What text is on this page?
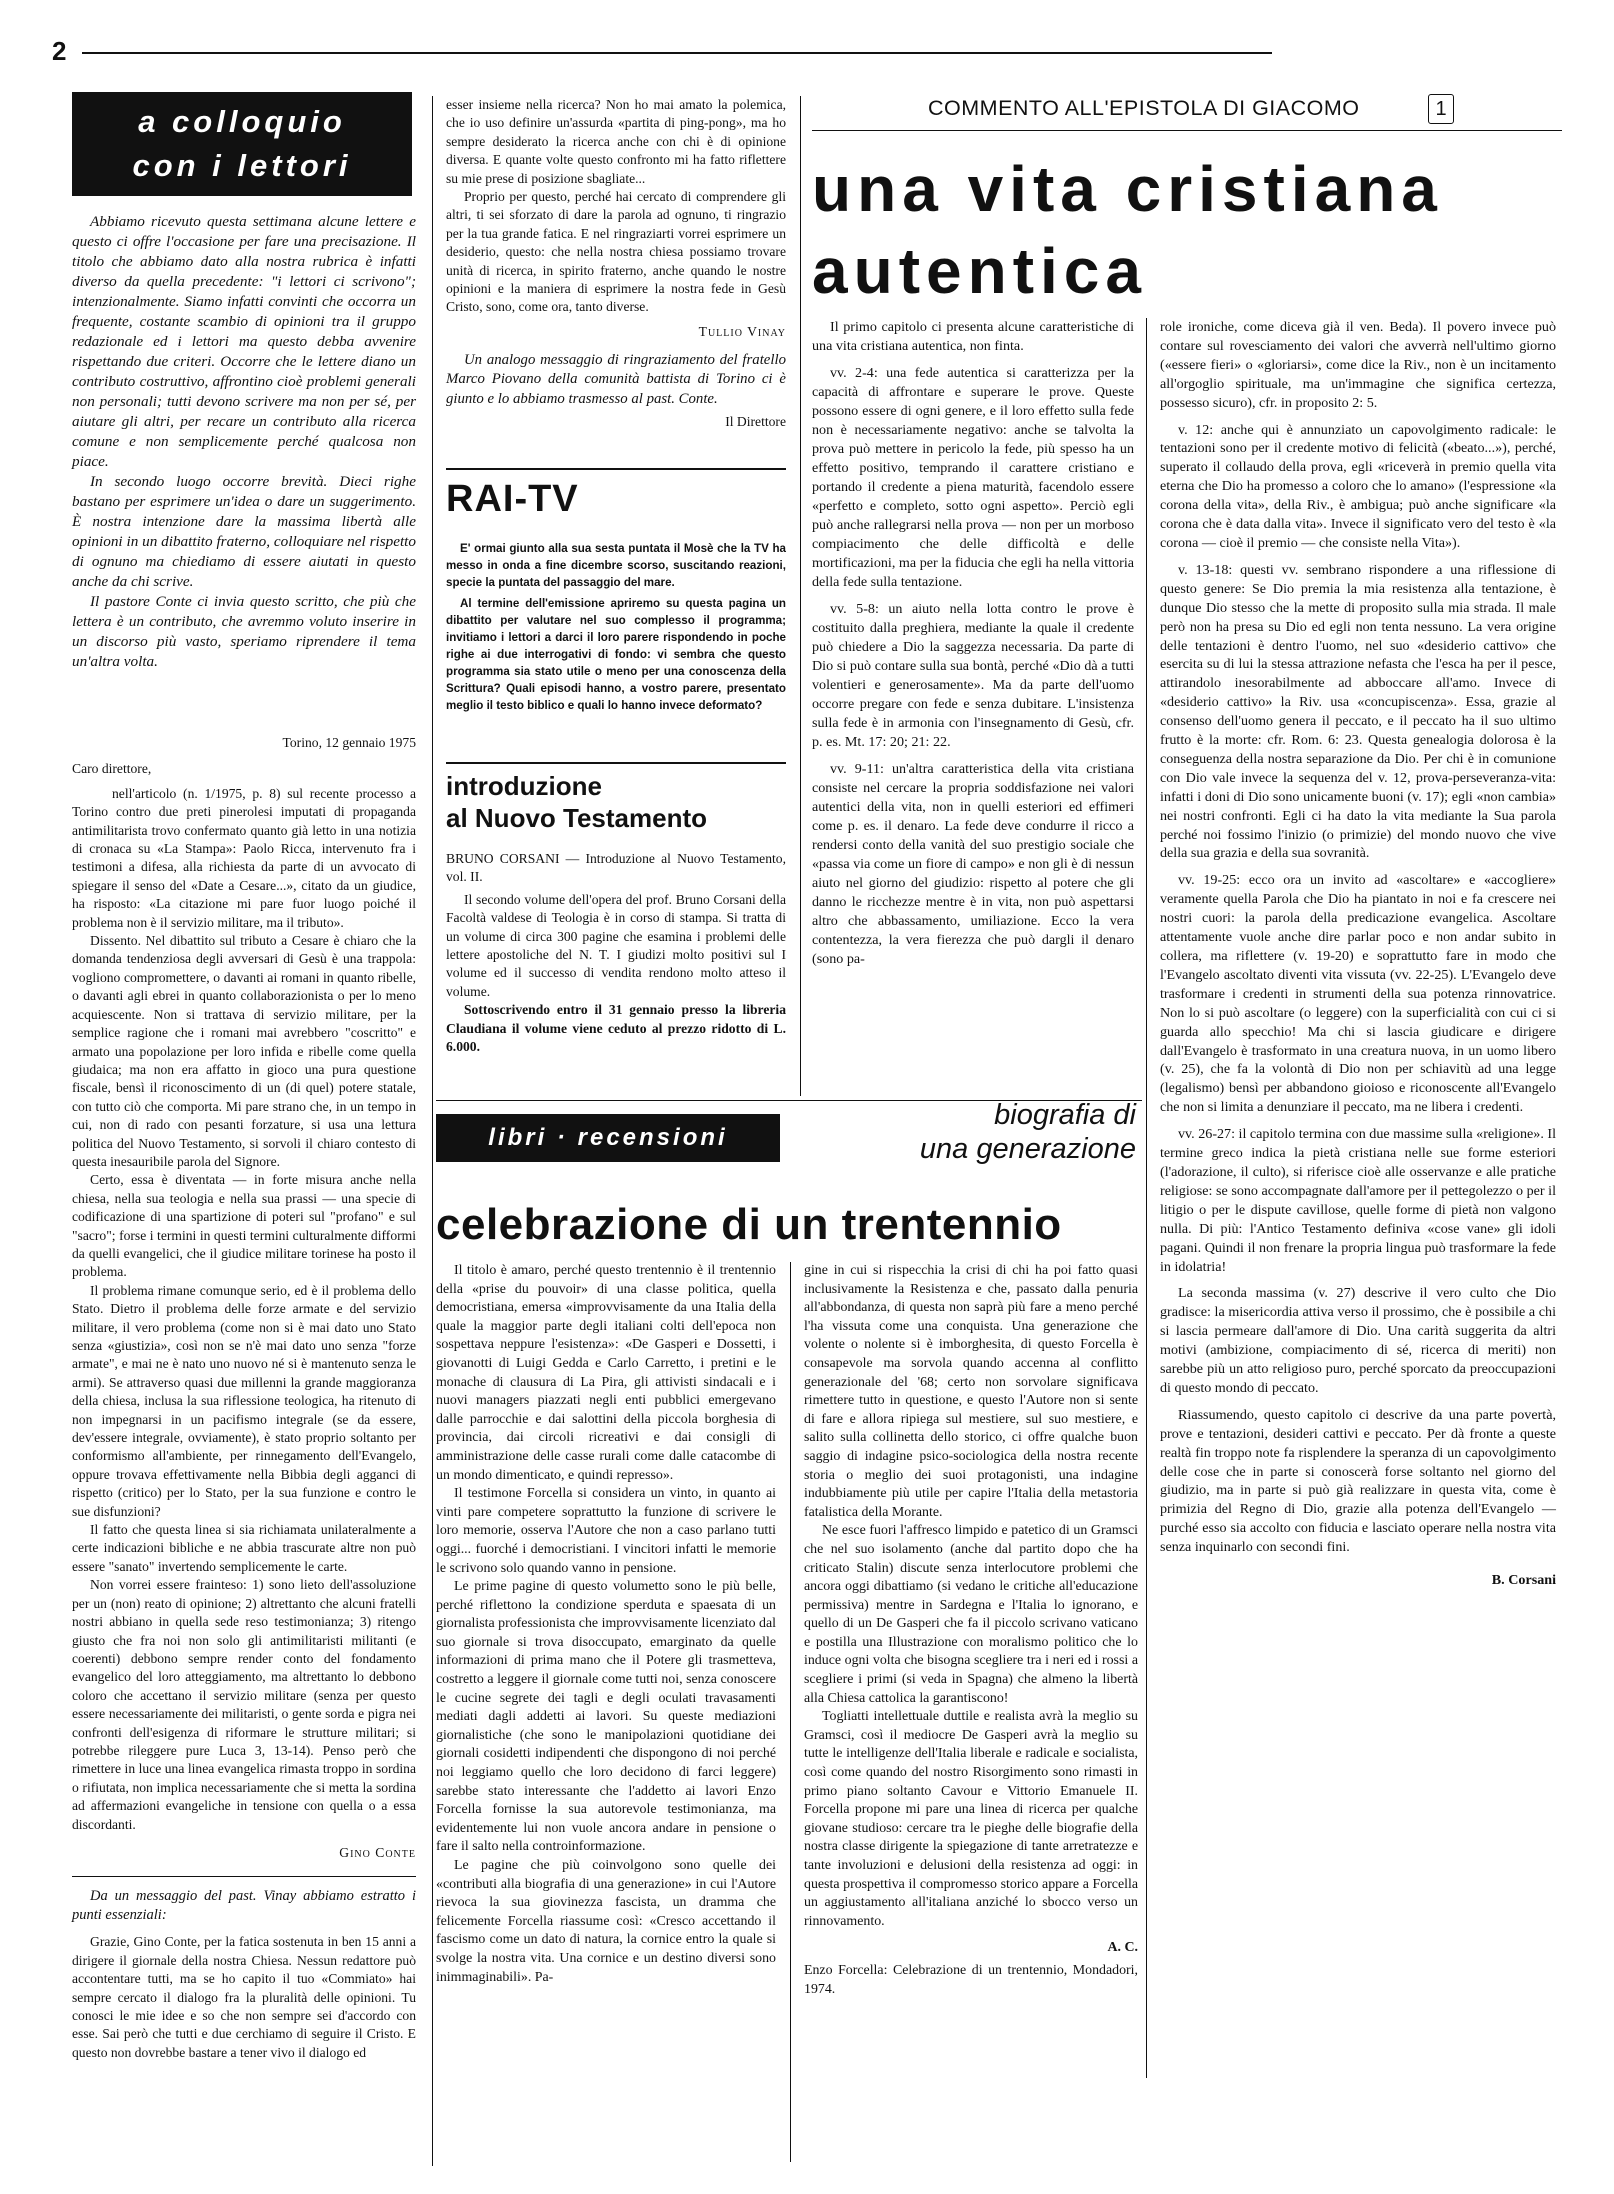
2
a colloquio
con i lettori

Abbiamo ricevuto questa settimana alcune lettere e questo ci offre l'occasione per fare una precisazione. Il titolo che abbiamo dato alla nostra rubrica è infatti diverso da quella precedente: "i lettori ci scrivono"; intenzionalmente. Siamo infatti convinti che occorra un frequente, costante scambio di opinioni tra il gruppo redazionale ed i lettori ma questo debba avvenire rispettando due criteri. Occorre che le lettere diano un contributo costruttivo, affrontino cioè problemi generali non personali; tutti devono scrivere ma non per sé, per aiutare gli altri, per recare un contributo alla ricerca comune e non semplicemente perché qualcosa non piace.

In secondo luogo occorre brevità. Dieci righe bastano per esprimere un'idea o dare un suggerimento. È nostra intenzione dare la massima libertà alle opinioni in un dibattito fraterno, colloquiare nel rispetto di ognuno ma chiediamo di essere aiutati in questo anche da chi scrive.

Il pastore Conte ci invia questo scritto, che più che lettera è un contributo, che avremmo voluto inserire in un discorso più vasto, speriamo riprendere il tema un'altra volta.

Torino, 12 gennaio 1975

Caro direttore,

nell'articolo (n. 1/1975, p. 8) sul recente processo a Torino contro due preti pinerolesi imputati di propaganda antimilitarista trovo confermato quanto già letto in una notizia di cronaca su «La Stampa»: Paolo Ricca, intervenuto fra i testimoni a difesa, alla richiesta da parte di un avvocato di spiegare il senso del «Date a Cesare...», citato da un giudice, ha risposto: «La citazione mi pare fuor luogo poiché il problema non è il servizio militare, ma il tributo».

Dissento. Nel dibattito sul tributo a Cesare è chiaro che la domanda tendenziosa degli avversari di Gesù è una trappola: vogliono compromettere, o davanti ai romani in quanto ribelle, o davanti agli ebrei in quanto collaborazionista o per lo meno acquiescente. Non si trattava di servizio militare, per la semplice ragione che i romani mai avrebbero "coscritto" e armato una popolazione per loro infida e ribelle come quella giudaica; ma non era affatto in gioco una pura questione fiscale, bensì il riconoscimento di un (di quel) potere statale, con tutto ciò che comporta. Mi pare strano che, in un tempo in cui, non di rado con pesanti forzature, si usa una lettura politica del Nuovo Testamento, si sorvoli il chiaro contesto di questa inesauribile parola del Signore.

Certo, essa è diventata — in forte misura anche nella chiesa, nella sua teologia e nella sua prassi — una specie di codificazione di una spartizione di poteri sul "profano" e sul "sacro"; forse i termini in questi termini culturalmente difformi da quelli evangelici, che il giudice militare torinese ha posto il problema.

Il problema rimane comunque serio, ed è il problema dello Stato. Dietro il problema delle forze armate e del servizio militare, il vero problema (come non si è mai dato uno Stato senza «giustizia», così non se n'è mai dato uno senza "forze armate", e mai ne è nato uno nuovo né si è mantenuto senza le armi). Se attraverso quasi due millenni la grande maggioranza della chiesa, inclusa la sua riflessione teologica, ha ritenuto di non impegnarsi in un pacifismo integrale (se da essere, dev'essere integrale, ovviamente), è stato proprio soltanto per conformismo all'ambiente, per rinnegamento dell'Evangelo, oppure trovava effettivamente nella Bibbia degli agganci di rispetto (critico) per lo Stato, per la sua funzione e contro le sue disfunzioni?

Il fatto che questa linea si sia richiamata unilateralmente a certe indicazioni bibliche e ne abbia trascurate altre non può essere "sanato" invertendo semplicemente le carte.

Non vorrei essere frainteso: 1) sono lieto dell'assoluzione per un (non) reato di opinione; 2) altrettanto che alcuni fratelli nostri abbiano in quella sede reso testimonianza; 3) ritengo giusto che fra noi non solo gli antimilitaristi militanti (e coerenti) debbono sempre render conto del fondamento evangelico del loro atteggiamento, ma altrettanto lo debbono coloro che accettano il servizio militare (senza per questo essere necessariamente dei militaristi, o gente sorda e pigra nei confronti dell'esigenza di riformare le strutture militari; si potrebbe rileggere pure Luca 3, 13-14). Penso però che rimettere in luce una linea evangelica rimasta troppo in sordina o rifiutata, non implica necessariamente che si metta la sordina ad affermazioni evangeliche in tensione con quella o a essa discordanti.

Gino Conte

Da un messaggio del past. Vinay abbiamo estratto i punti essenziali:

Grazie, Gino Conte, per la fatica sostenuta in ben 15 anni a dirigere il giornale della nostra Chiesa. Nessun redattore può accontentare tutti, ma se ho capito il tuo «Commiato» hai sempre cercato il dialogo fra la pluralità delle opinioni. Tu conosci le mie idee e so che non sempre sei d'accordo con esse. Sai però che tutti e due cerchiamo di seguire il Cristo. E questo non dovrebbe bastare a tener vivo il dialogo ed

esser insieme nella ricerca? Non ho mai amato la polemica, che io uso definire un'assurda «partita di ping-pong», ma ho sempre desiderato la ricerca anche con chi è di opinione diversa. E quante volte questo confronto mi ha fatto riflettere su mie prese di posizione sbagliate...

Proprio per questo, perché hai cercato di comprendere gli altri, ti sei sforzato di dare la parola ad ognuno, ti ringrazio per la tua grande fatica. E nel ringraziarti vorrei esprimere un desiderio, questo: che nella nostra chiesa possiamo trovare unità di ricerca, in spirito fraterno, anche quando le nostre opinioni e la maniera di esprimere la nostra fede in Gesù Cristo, sono, come ora, tanto diverse.

Tullio Vinay

Un analogo messaggio di ringraziamento del fratello Marco Piovano della comunità battista di Torino ci è giunto e lo abbiamo trasmesso al past. Conte.

Il Direttore
RAI-TV

E' ormai giunto alla sua sesta puntata il Mosè che la TV ha messo in onda a fine dicembre scorso, suscitando reazioni, specie la puntata del passaggio del mare.

Al termine dell'emissione apriremo su questa pagina un dibattito per valutare nel suo complesso il programma; invitiamo i lettori a darci il loro parere rispondendo in poche righe ai due interrogativi di fondo: vi sembra che questo programma sia stato utile o meno per una conoscenza della Scrittura? Quali episodi hanno, a vostro parere, presentato meglio il testo biblico e quali lo hanno invece deformato?

introduzione
al Nuovo Testamento

BRUNO CORSANI — Introduzione al Nuovo Testamento, vol. II.

Il secondo volume dell'opera del prof. Bruno Corsani della Facoltà valdese di Teologia è in corso di stampa. Si tratta di un volume di circa 300 pagine che esamina i problemi delle lettere apostoliche del N. T. I giudizi molto positivi sul I volume ed il successo di vendita rendono molto atteso il volume.

Sottoscrivendo entro il 31 gennaio presso la libreria Claudiana il volume viene ceduto al prezzo ridotto di L. 6.000.

COMMENTO ALL'EPISTOLA DI GIACOMO	1
una vita cristiana
autentica

Il primo capitolo ci presenta alcune caratteristiche di una vita cristiana autentica, non finta.

vv. 2-4: una fede autentica si caratterizza per la capacità di affrontare e superare le prove. Queste possono essere di ogni genere, e il loro effetto sulla fede non è necessariamente negativo: anche se talvolta la prova può mettere in pericolo la fede, più spesso ha un effetto positivo, temprando il carattere cristiano e portando il credente a piena maturità, facendolo essere «perfetto e completo, sotto ogni aspetto». Perciò egli può anche rallegrarsi nella prova — non per un morboso compiacimento che delle difficoltà e delle mortificazioni, ma per la fiducia che egli ha nella vittoria della fede sulla tentazione.

vv. 5-8: un aiuto nella lotta contro le prove è costituito dalla preghiera, mediante la quale il credente può chiedere a Dio la saggezza necessaria. Da parte di Dio si può contare sulla sua bontà, perché «Dio dà a tutti volentieri e generosamente». Ma da parte dell'uomo occorre pregare con fede e senza dubitare. L'insistenza sulla fede è in armonia con l'insegnamento di Gesù, cfr. p. es. Mt. 17: 20; 21: 22.

vv. 9-11: un'altra caratteristica della vita cristiana consiste nel cercare la propria soddisfazione nei valori autentici della vita, non in quelli esteriori ed effimeri come p. es. il denaro. La fede deve condurre il ricco a rendersi conto della vanità del suo prestigio sociale che «passa via come un fiore di campo» e non gli è di nessun aiuto nel giorno del giudizio: rispetto al potere che gli danno le ricchezze mentre è in vita, non può aspettarsi altro che abbassamento, umiliazione. Ecco la vera contentezza, la vera fierezza che può dargli il denaro (sono pa-

role ironiche, come diceva già il ven. Beda). Il povero invece può contare sul rovesciamento dei valori che avverrà nell'ultimo giorno («essere fieri» o «gloriarsi», come dice la Riv., non è un incitamento all'orgoglio spirituale, ma un'immagine che significa certezza, possesso sicuro), cfr. in proposito 2: 5.

v. 12: anche qui è annunziato un capovolgimento radicale: le tentazioni sono per il credente motivo di felicità («beato...»), perché, superato il collaudo della prova, egli «riceverà in premio quella vita eterna che Dio ha promesso a coloro che lo amano» (l'espressione «la corona della vita», della Riv., è ambigua; può anche significare «la corona che è data dalla vita». Invece il significato vero del testo è «la corona — cioè il premio — che consiste nella Vita»).

v. 13-18: questi vv. sembrano rispondere a una riflessione di questo genere: Se Dio premia la mia resistenza alla tentazione, è dunque Dio stesso che la mette di proposito sulla mia strada. Il male però non ha presa su Dio ed egli non tenta nessuno. La vera origine delle tentazioni è dentro l'uomo, nel suo «desiderio cattivo» che esercita su di lui la stessa attrazione nefasta che l'esca ha per il pesce, attirandolo inesorabilmente ad abboccare all'amo. Invece di «desiderio cattivo» la Riv. usa «concupiscenza». Essa, grazie al consenso dell'uomo genera il peccato, e il peccato ha il suo ultimo frutto è la morte: cfr. Rom. 6: 23. Questa genealogia dolorosa è la conseguenza della nostra separazione da Dio. Per chi è in comunione con Dio vale invece la sequenza del v. 12, prova-perseveranza-vita: infatti i doni di Dio sono unicamente buoni (v. 17); egli «non cambia» nei nostri confronti. Egli ci ha dato la vita mediante la Sua parola perché noi fossimo l'inizio (o primizie) del mondo nuovo che vive della sua grazia e della sua sovranità.

vv. 19-25: ecco ora un invito ad «ascoltare» e «accogliere» veramente quella Parola che Dio ha piantato in noi e fa crescere nei nostri cuori: la parola della predicazione evangelica. Ascoltare attentamente vuole anche dire parlar poco e non andar subito in collera, ma riflettere (v. 19-20) e soprattutto fare in modo che l'Evangelo ascoltato diventi vita vissuta (vv. 22-25). L'Evangelo deve trasformare i credenti in strumenti della sua potenza rinnovatrice. Non lo si può ascoltare (o leggere) con la superficialità con cui ci si guarda allo specchio! Ma chi si lascia giudicare e dirigere dall'Evangelo è trasformato in una creatura nuova, in un uomo libero (v. 25), che fa la volontà di Dio non per schiavitù ad una legge (legalismo) bensì per abbandono gioioso e riconoscente all'Evangelo che non si limita a denunziare il peccato, ma ne libera i credenti.

vv. 26-27: il capitolo termina con due massime sulla «religione». Il termine greco indica la pietà cristiana nelle sue forme esteriori (l'adorazione, il culto), si riferisce cioè alle osservanze e alle pratiche religiose: se sono accompagnate dall'amore per il pettegolezzo o per il litigio o per le dispute cavillose, quelle forme di pietà non valgono nulla. Di più: l'Antico Testamento definiva «cose vane» gli idoli pagani. Quindi il non frenare la propria lingua può trasformare la fede in idolatria!

La seconda massima (v. 27) descrive il vero culto che Dio gradisce: la misericordia attiva verso il prossimo, che è possibile a chi si lascia permeare dall'amore di Dio. Una carità suggerita da altri motivi (ambizione, compiacimento di sé, ricerca di meriti) non sarebbe più un atto religioso puro, perché sporcato da preoccupazioni di questo mondo di peccato.

Riassumendo, questo capitolo ci descrive da una parte povertà, prove e tentazioni, desideri cattivi e peccato. Per dà fronte a queste realtà fin troppo note fa risplendere la speranza di un capovolgimento delle cose che in parte si conoscerà forse soltanto nel giorno del giudizio, ma in parte si può già realizzare in questa vita, come è primizia del Regno di Dio, grazie alla potenza dell'Evangelo — purché esso sia accolto con fiducia e lasciato operare nella nostra vita senza inquinarlo con secondi fini.

B. Corsani
libri · recensioni
biografia di
una generazione
celebrazione di un trentennio

Il titolo è amaro, perché questo trentennio è il trentennio della «prise du pouvoir» di una classe politica, quella democristiana, emersa «improvvisamente da una Italia della quale la maggior parte degli italiani colti dell'epoca non sospettava neppure l'esistenza»: «De Gasperi e Dossetti, i giovanotti di Luigi Gedda e Carlo Carretto, i pretini e le monache di clausura di La Pira, gli attivisti sindacali e i nuovi managers piazzati negli enti pubblici emergevano dalle parrocchie e dai salottini della piccola borghesia di provincia, dai circoli ricreativi e dai consigli di amministrazione delle casse rurali come dalle catacombe di un mondo dimenticato, e quindi represso».

Il testimone Forcella si considera un vinto, in quanto ai vinti pare competere soprattutto la funzione di scrivere le loro memorie, osserva l'Autore che non a caso parlano tutti oggi... fuorché i democristiani. I vincitori infatti le memorie le scrivono solo quando vanno in pensione.

Le prime pagine di questo volumetto sono le più belle, perché riflettono la condizione sperduta e spaesata di un giornalista professionista che improvvisamente licenziato dal suo giornale si trova disoccupato, emarginato da quelle informazioni di prima mano che il Potere gli trasmetteva, costretto a leggere il giornale come tutti noi, senza conoscere le cucine segrete dei tagli e degli oculati travasamenti mediati dagli addetti ai lavori. Su queste mediazioni giornalistiche (che sono le manipolazioni quotidiane dei giornali cosidetti indipendenti che dispongono di noi perché noi leggiamo quello che loro decidono di farci leggere) sarebbe stato interessante che l'addetto ai lavori Enzo Forcella fornisse la sua autorevole testimonianza, ma evidentemente lui non vuole ancora andare in pensione o fare il salto nella controinformazione.

Le pagine che più coinvolgono sono quelle dei «contributi alla biografia di una generazione» in cui l'Autore rievoca la sua giovinezza fascista, un dramma che felicemente Forcella riassume così: «Cresco accettando il fascismo come un dato di natura, la cornice entro la quale si svolge la nostra vita. Una cornice e un destino diversi sono inimmaginabili». Pa-

gine in cui si rispecchia la crisi di chi ha poi fatto quasi inclusivamente la Resistenza e che, passato dalla penuria all'abbondanza, di questa non saprà più fare a meno perché l'ha vissuta come una conquista. Una generazione che volente o nolente si è imborghesita, di questo Forcella è consapevole ma sorvola quando accenna al conflitto generazionale del '68; certo non sorvolare significava rimettere tutto in questione, e questo l'Autore non si sente di fare e allora ripiega sul mestiere, sul suo mestiere, e salito sulla collinetta dello storico, ci offre qualche buon saggio di indagine psico-sociologica della nostra recente storia o meglio dei suoi protagonisti, una indagine indubbiamente più utile per capire l'Italia della metastoria fatalistica della Morante.

Ne esce fuori l'affresco limpido e patetico di un Gramsci che nel suo isolamento (anche dal partito dopo che ha criticato Stalin) discute senza interlocutore problemi che ancora oggi dibattiamo (si vedano le critiche all'educazione permissiva) mentre in Sardegna e l'Italia lo ignorano, e quello di un De Gasperi che fa il piccolo scrivano vaticano e postilla una Illustrazione con moralismo politico che lo induce ogni volta che bisogna scegliere tra i neri ed i rossi a scegliere i primi (si veda in Spagna) che almeno la libertà alla Chiesa cattolica la garantiscono!

Togliatti intellettuale duttile e realista avrà la meglio su Gramsci, così il mediocre De Gasperi avrà la meglio su tutte le intelligenze dell'Italia liberale e radicale e socialista, così come quando del nostro Risorgimento sono rimasti in primo piano soltanto Cavour e Vittorio Emanuele II. Forcella propone mi pare una linea di ricerca per qualche giovane studioso: cercare tra le pieghe delle biografie della nostra classe dirigente la spiegazione di tante arretratezze e tante involuzioni e delusioni della resistenza ad oggi: in questa prospettiva il compromesso storico appare a Forcella un aggiustamento all'italiana anziché lo sbocco verso un rinnovamento.

A. C.

Enzo Forcella: Celebrazione di un trentennio, Mondadori, 1974.
